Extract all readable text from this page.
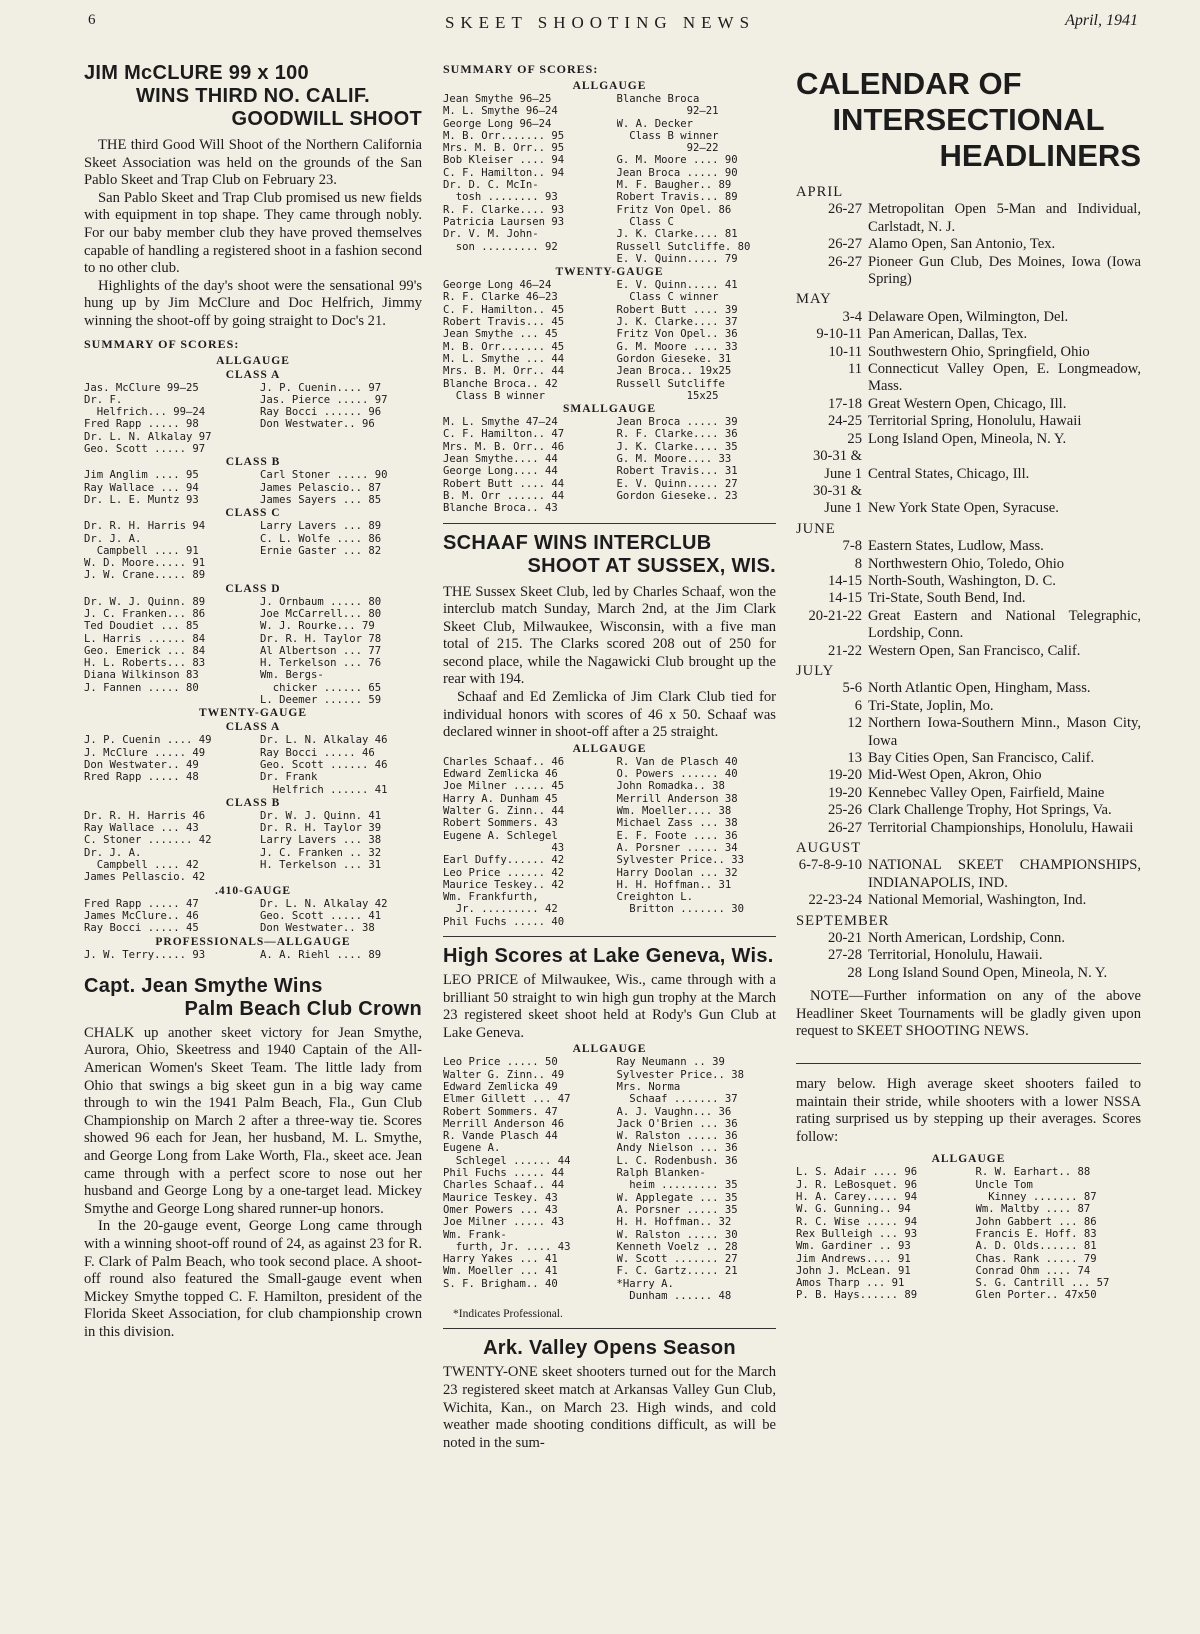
6	SKEET SHOOTING NEWS	April, 1941
JIM McCLURE 99 x 100
WINS THIRD NO. CALIF.
GOODWILL SHOOT

THE third Good Will Shoot of the Northern California Skeet Association was held on the grounds of the San Pablo Skeet and Trap Club on February 23.

San Pablo Skeet and Trap Club promised us new fields with equipment in top shape. They came through nobly. For our baby member club they have proved themselves capable of handling a registered shoot in a fashion second to no other club.

Highlights of the day's shoot were the sensational 99's hung up by Jim McClure and Doc Helfrich, Jimmy winning the shoot-off by going straight to Doc's 21.

SUMMARY OF SCORES:
ALLGAUGE
CLASS A
Jas. McClure 99—25	J. P. Cuenin.... 97
Dr. F.	Jas. Pierce ..... 97
Helfrich... 99—24	Ray Bocci ...... 96
Fred Rapp ..... 98	Don Westwater.. 96
Dr. L. N. Alkalay 97
Geo. Scott ..... 97
CLASS B
Jim Anglim .... 95	Carl Stoner ..... 90
Ray Wallace ... 94	James Pelascio.. 87
Dr. L. E. Muntz 93	James Sayers ... 85
CLASS C
Dr. R. H. Harris 94	Larry Lavers ... 89
Dr. J. A.	C. L. Wolfe .... 86
Campbell .... 91	Ernie Gaster ... 82
W. D. Moore..... 91
J. W. Crane..... 89
CLASS D
Dr. W. J. Quinn. 89	J. Ornbaum ..... 80
J. C. Franken... 86	Joe McCarrell... 80
Ted Doudiet ... 85	W. J. Rourke... 79
L. Harris ...... 84	Dr. R. H. Taylor 78
Geo. Emerick ... 84	Al Albertson ... 77
H. L. Roberts... 83	H. Terkelson ... 76
Diana Wilkinson 83	Wm. Bergs-
J. Fannen ..... 80	chicker ...... 65
L. Deemer ...... 59
TWENTY-GAUGE
CLASS A
J. P. Cuenin .... 49	Dr. L. N. Alkalay 46
J. McClure ..... 49	Ray Bocci ..... 46
Don Westwater.. 49	Geo. Scott ...... 46
Rred Rapp ..... 48	Dr. Frank
Helfrich ...... 41
CLASS B
Dr. R. H. Harris 46	Dr. W. J. Quinn. 41
Ray Wallace ... 43	Dr. R. H. Taylor 39
C. Stoner ....... 42	Larry Lavers ... 38
Dr. J. A.	J. C. Franken .. 32
Campbell .... 42	H. Terkelson ... 31
James Pellascio. 42
.410-GAUGE
Fred Rapp ..... 47	Dr. L. N. Alkalay 42
James McClure.. 46	Geo. Scott ..... 41
Ray Bocci ..... 45	Don Westwater.. 38
PROFESSIONALS—ALLGAUGE
J. W. Terry..... 93	A. A. Riehl .... 89
Capt. Jean Smythe Wins
Palm Beach Club Crown

CHALK up another skeet victory for Jean Smythe, Aurora, Ohio, Skeetress and 1940 Captain of the All-American Women's Skeet Team. The little lady from Ohio that swings a big skeet gun in a big way came through to win the 1941 Palm Beach, Fla., Gun Club Championship on March 2 after a three-way tie. Scores showed 96 each for Jean, her husband, M. L. Smythe, and George Long from Lake Worth, Fla., skeet ace. Jean came through with a perfect score to nose out her husband and George Long by a one-target lead. Mickey Smythe and George Long shared runner-up honors.

In the 20-gauge event, George Long came through with a winning shoot-off round of 24, as against 23 for R. F. Clark of Palm Beach, who took second place. A shoot-off round also featured the Small-gauge event when Mickey Smythe topped C. F. Hamilton, president of the Florida Skeet Association, for club championship crown in this division.

SUMMARY OF SCORES:
ALLGAUGE
Jean Smythe 96—25	Blanche Broca
M. L. Smythe 96—24	92—21
George Long 96—24	W. A. Decker
M. B. Orr....... 95	Class B winner
Mrs. M. B. Orr.. 95	92—22
Bob Kleiser .... 94	G. M. Moore .... 90
C. F. Hamilton.. 94	Jean Broca ..... 90
Dr. D. C. McIn-	M. F. Baugher.. 89
tosh ........ 93	Robert Travis... 89
R. F. Clarke.... 93	Fritz Von Opel. 86
Patricia Laursen 93	Class C
Dr. V. M. John-	J. K. Clarke.... 81
son ......... 92	Russell Sutcliffe. 80
E. V. Quinn..... 79
TWENTY-GAUGE
George Long 46—24	E. V. Quinn..... 41
R. F. Clarke 46—23	Class C winner
C. F. Hamilton.. 45	Robert Butt .... 39
Robert Travis... 45	J. K. Clarke.... 37
Jean Smythe ... 45	Fritz Von Opel.. 36
M. B. Orr....... 45	G. M. Moore .... 33
M. L. Smythe ... 44	Gordon Gieseke. 31
Mrs. B. M. Orr.. 44	Jean Broca.. 19x25
Blanche Broca.. 42	Russell Sutcliffe
Class B winner	15x25
SMALLGAUGE
M. L. Smythe 47—24	Jean Broca ..... 39
C. F. Hamilton.. 47	R. F. Clarke.... 36
Mrs. M. B. Orr.. 46	J. K. Clarke.... 35
Jean Smythe.... 44	G. M. Moore.... 33
George Long.... 44	Robert Travis... 31
Robert Butt .... 44	E. V. Quinn..... 27
B. M. Orr ...... 44	Gordon Gieseke.. 23
Blanche Broca.. 43
SCHAAF WINS INTERCLUB
SHOOT AT SUSSEX, WIS.

THE Sussex Skeet Club, led by Charles Schaaf, won the interclub match Sunday, March 2nd, at the Jim Clark Skeet Club, Milwaukee, Wisconsin, with a five man total of 215. The Clarks scored 208 out of 250 for second place, while the Nagawicki Club brought up the rear with 194.

Schaaf and Ed Zemlicka of Jim Clark Club tied for individual honors with scores of 46 x 50. Schaaf was declared winner in shoot-off after a 25 straight.

ALLGAUGE
Charles Schaaf.. 46	R. Van de Plasch 40
Edward Zemlicka 46	O. Powers ...... 40
Joe Milner ..... 45	John Romadka.. 38
Harry A. Dunham 45	Merrill Anderson 38
Walter G. Zinn.. 44	Wm. Moeller.... 38
Robert Sommers. 43	Michael Zass ... 38
Eugene A. Schlegel	E. F. Foote .... 36
43	A. Porsner ..... 34
Earl Duffy...... 42	Sylvester Price.. 33
Leo Price ...... 42	Harry Doolan ... 32
Maurice Teskey.. 42	H. H. Hoffman.. 31
Wm. Frankfurth,	Creighton L.
Jr. ......... 42	Britton ....... 30
Phil Fuchs ..... 40
High Scores at Lake Geneva, Wis.

LEO PRICE of Milwaukee, Wis., came through with a brilliant 50 straight to win high gun trophy at the March 23 registered skeet shoot held at Rody's Gun Club at Lake Geneva.

ALLGAUGE
Leo Price ..... 50	Ray Neumann .. 39
Walter G. Zinn.. 49	Sylvester Price.. 38
Edward Zemlicka 49	Mrs. Norma
Elmer Gillett ... 47	Schaaf ....... 37
Robert Sommers. 47	A. J. Vaughn... 36
Merrill Anderson 46	Jack O'Brien ... 36
R. Vande Plasch 44	W. Ralston ..... 36
Eugene A.	Andy Nielson ... 36
Schlegel ...... 44	L. C. Rodenbush. 36
Phil Fuchs ..... 44	Ralph Blanken-
Charles Schaaf.. 44	heim ......... 35
Maurice Teskey. 43	W. Applegate ... 35
Omer Powers ... 43	A. Porsner ..... 35
Joe Milner ..... 43	H. H. Hoffman.. 32
Wm. Frank-	W. Ralston ..... 30
furth, Jr. .... 43	Kenneth Voelz .. 28
Harry Yakes ... 41	W. Scott ....... 27
Wm. Moeller ... 41	F. C. Gartz..... 21
S. F. Brigham.. 40	*Harry A.
Dunham ...... 48
*Indicates Professional.
Ark. Valley Opens Season

TWENTY-ONE skeet shooters turned out for the March 23 registered skeet match at Arkansas Valley Gun Club, Wichita, Kan., on March 23. High winds, and cold weather made shooting conditions difficult, as will be noted in the sum-

CALENDAR OF
INTERSECTIONAL
HEADLINERS
APRIL
26-27 Metropolitan Open 5-Man and Individual, Carlstadt, N. J.
26-27 Alamo Open, San Antonio, Tex.
26-27 Pioneer Gun Club, Des Moines, Iowa (Iowa Spring)
MAY
3-4 Delaware Open, Wilmington, Del.
9-10-11 Pan American, Dallas, Tex.
10-11 Southwestern Ohio, Springfield, Ohio
11 Connecticut Valley Open, E. Longmeadow, Mass.
17-18 Great Western Open, Chicago, Ill.
24-25 Territorial Spring, Honolulu, Hawaii
25 Long Island Open, Mineola, N. Y.
30-31 &
June 1 Central States, Chicago, Ill.
30-31 &
June 1 New York State Open, Syracuse.
JUNE
7-8 Eastern States, Ludlow, Mass.
8 Northwestern Ohio, Toledo, Ohio
14-15 North-South, Washington, D. C.
14-15 Tri-State, South Bend, Ind.
20-21-22 Great Eastern and National Telegraphic, Lordship, Conn.
21-22 Western Open, San Francisco, Calif.
JULY
5-6 North Atlantic Open, Hingham, Mass.
6 Tri-State, Joplin, Mo.
12 Northern Iowa-Southern Minn., Mason City, Iowa
13 Bay Cities Open, San Francisco, Calif.
19-20 Mid-West Open, Akron, Ohio
19-20 Kennebec Valley Open, Fairfield, Maine
25-26 Clark Challenge Trophy, Hot Springs, Va.
26-27 Territorial Championships, Honolulu, Hawaii
AUGUST
6-7-8-9-10 NATIONAL SKEET CHAMPIONSHIPS, INDIANAPOLIS, IND.
22-23-24 National Memorial, Washington, Ind.
SEPTEMBER
20-21 North American, Lordship, Conn.
27-28 Territorial, Honolulu, Hawaii.
28 Long Island Sound Open, Mineola, N. Y.

NOTE—Further information on any of the above Headliner Skeet Tournaments will be gladly given upon request to SKEET SHOOTING NEWS.

mary below. High average skeet shooters failed to maintain their stride, while shooters with a lower NSSA rating surprised us by stepping up their averages. Scores follow:

ALLGAUGE
L. S. Adair .... 96	R. W. Earhart.. 88
J. R. LeBosquet. 96	Uncle Tom
H. A. Carey..... 94	Kinney ....... 87
W. G. Gunning.. 94	Wm. Maltby .... 87
R. C. Wise ..... 94	John Gabbert ... 86
Rex Bulleigh ... 93	Francis E. Hoff. 83
Wm. Gardiner .. 93	A. D. Olds...... 81
Jim Andrews.... 91	Chas. Rank ..... 79
John J. McLean. 91	Conrad Ohm .... 74
Amos Tharp ... 91	S. G. Cantrill ... 57
P. B. Hays...... 89	Glen Porter.. 47x50
